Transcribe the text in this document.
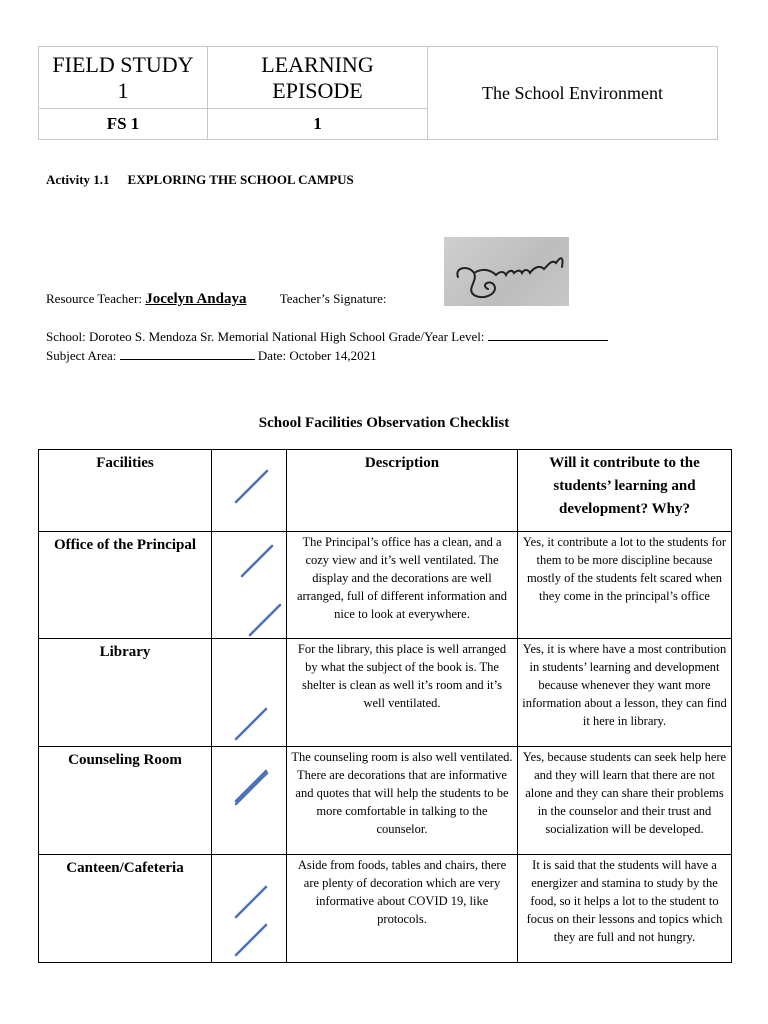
FIELD STUDY 1	LEARNING EPISODE	The School Environment
FS 1	1	
Activity 1.1 EXPLORING THE SCHOOL CAMPUS
Resource Teacher: Jocelyn Andaya	Teacher’s Signature:
School: Doroteo S. Mendoza Sr. Memorial National High School Grade/Year Level:
Subject Area:	Date: October 14,2021
School Facilities Observation Checklist
Facilities		Description	Will it contribute to the students’ learning and development? Why?
Office of the Principal		The Principal’s office has a clean, and a cozy view and it’s well ventilated. The display and the decorations are well arranged, full of different information and nice to look at everywhere.	Yes, it contribute a lot to the students for them to be more discipline because mostly of the students felt scared when they come in the principal’s office
Library		For the library, this place is well arranged by what the subject of the book is. The shelter is clean as well it’s room and it’s well ventilated.	Yes, it is where have a most contribution in students’ learning and development because whenever they want more information about a lesson, they can find it here in library.
Counseling Room		The counseling room is also well ventilated. There are decorations that are informative and quotes that will help the students to be more comfortable in talking to the counselor.	Yes, because students can seek help here and they will learn that there are not alone and they can share their problems in the counselor and their trust and socialization will be developed.
Canteen/Cafeteria		Aside from foods, tables and chairs, there are plenty of decoration which are very informative about COVID 19, like protocols.	It is said that the students will have a energizer and stamina to study by the food, so it helps a lot to the student to focus on their lessons and topics which they are full and not hungry.
